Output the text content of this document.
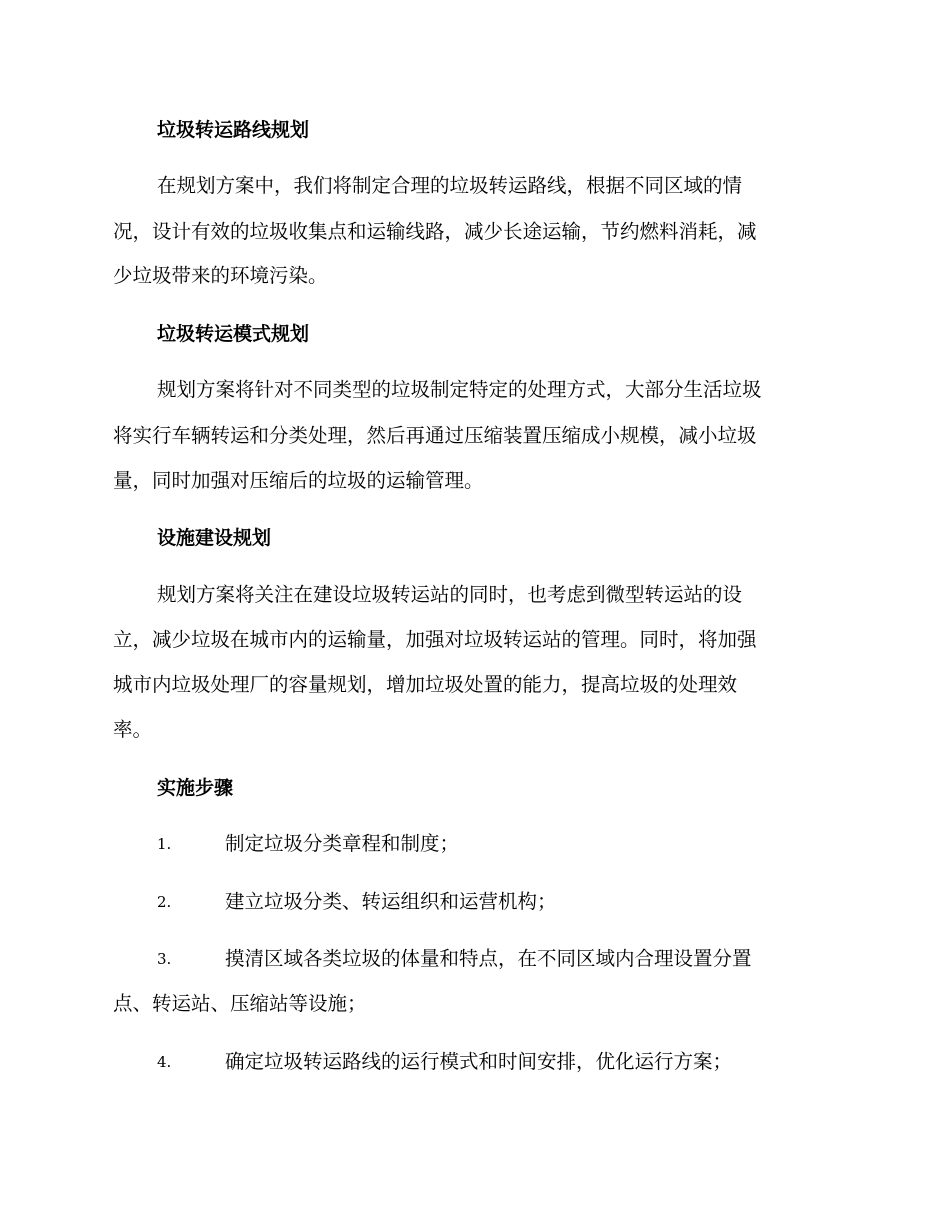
垃圾转运路线规划
在规划方案中，我们将制定合理的垃圾转运路线，根据不同区域的情
况，设计有效的垃圾收集点和运输线路，减少长途运输，节约燃料消耗，减
少垃圾带来的环境污染。
垃圾转运模式规划
规划方案将针对不同类型的垃圾制定特定的处理方式，大部分生活垃圾
将实行车辆转运和分类处理，然后再通过压缩装置压缩成小规模，减小垃圾
量，同时加强对压缩后的垃圾的运输管理。
设施建设规划
规划方案将关注在建设垃圾转运站的同时，也考虑到微型转运站的设
立，减少垃圾在城市内的运输量，加强对垃圾转运站的管理。同时，将加强
城市内垃圾处理厂的容量规划，增加垃圾处置的能力，提高垃圾的处理效
率。
实施步骤
1.	制定垃圾分类章程和制度；
2.	建立垃圾分类、转运组织和运营机构；
3.	摸清区域各类垃圾的体量和特点，在不同区域内合理设置分置
点、转运站、压缩站等设施；
4.	确定垃圾转运路线的运行模式和时间安排，优化运行方案；
